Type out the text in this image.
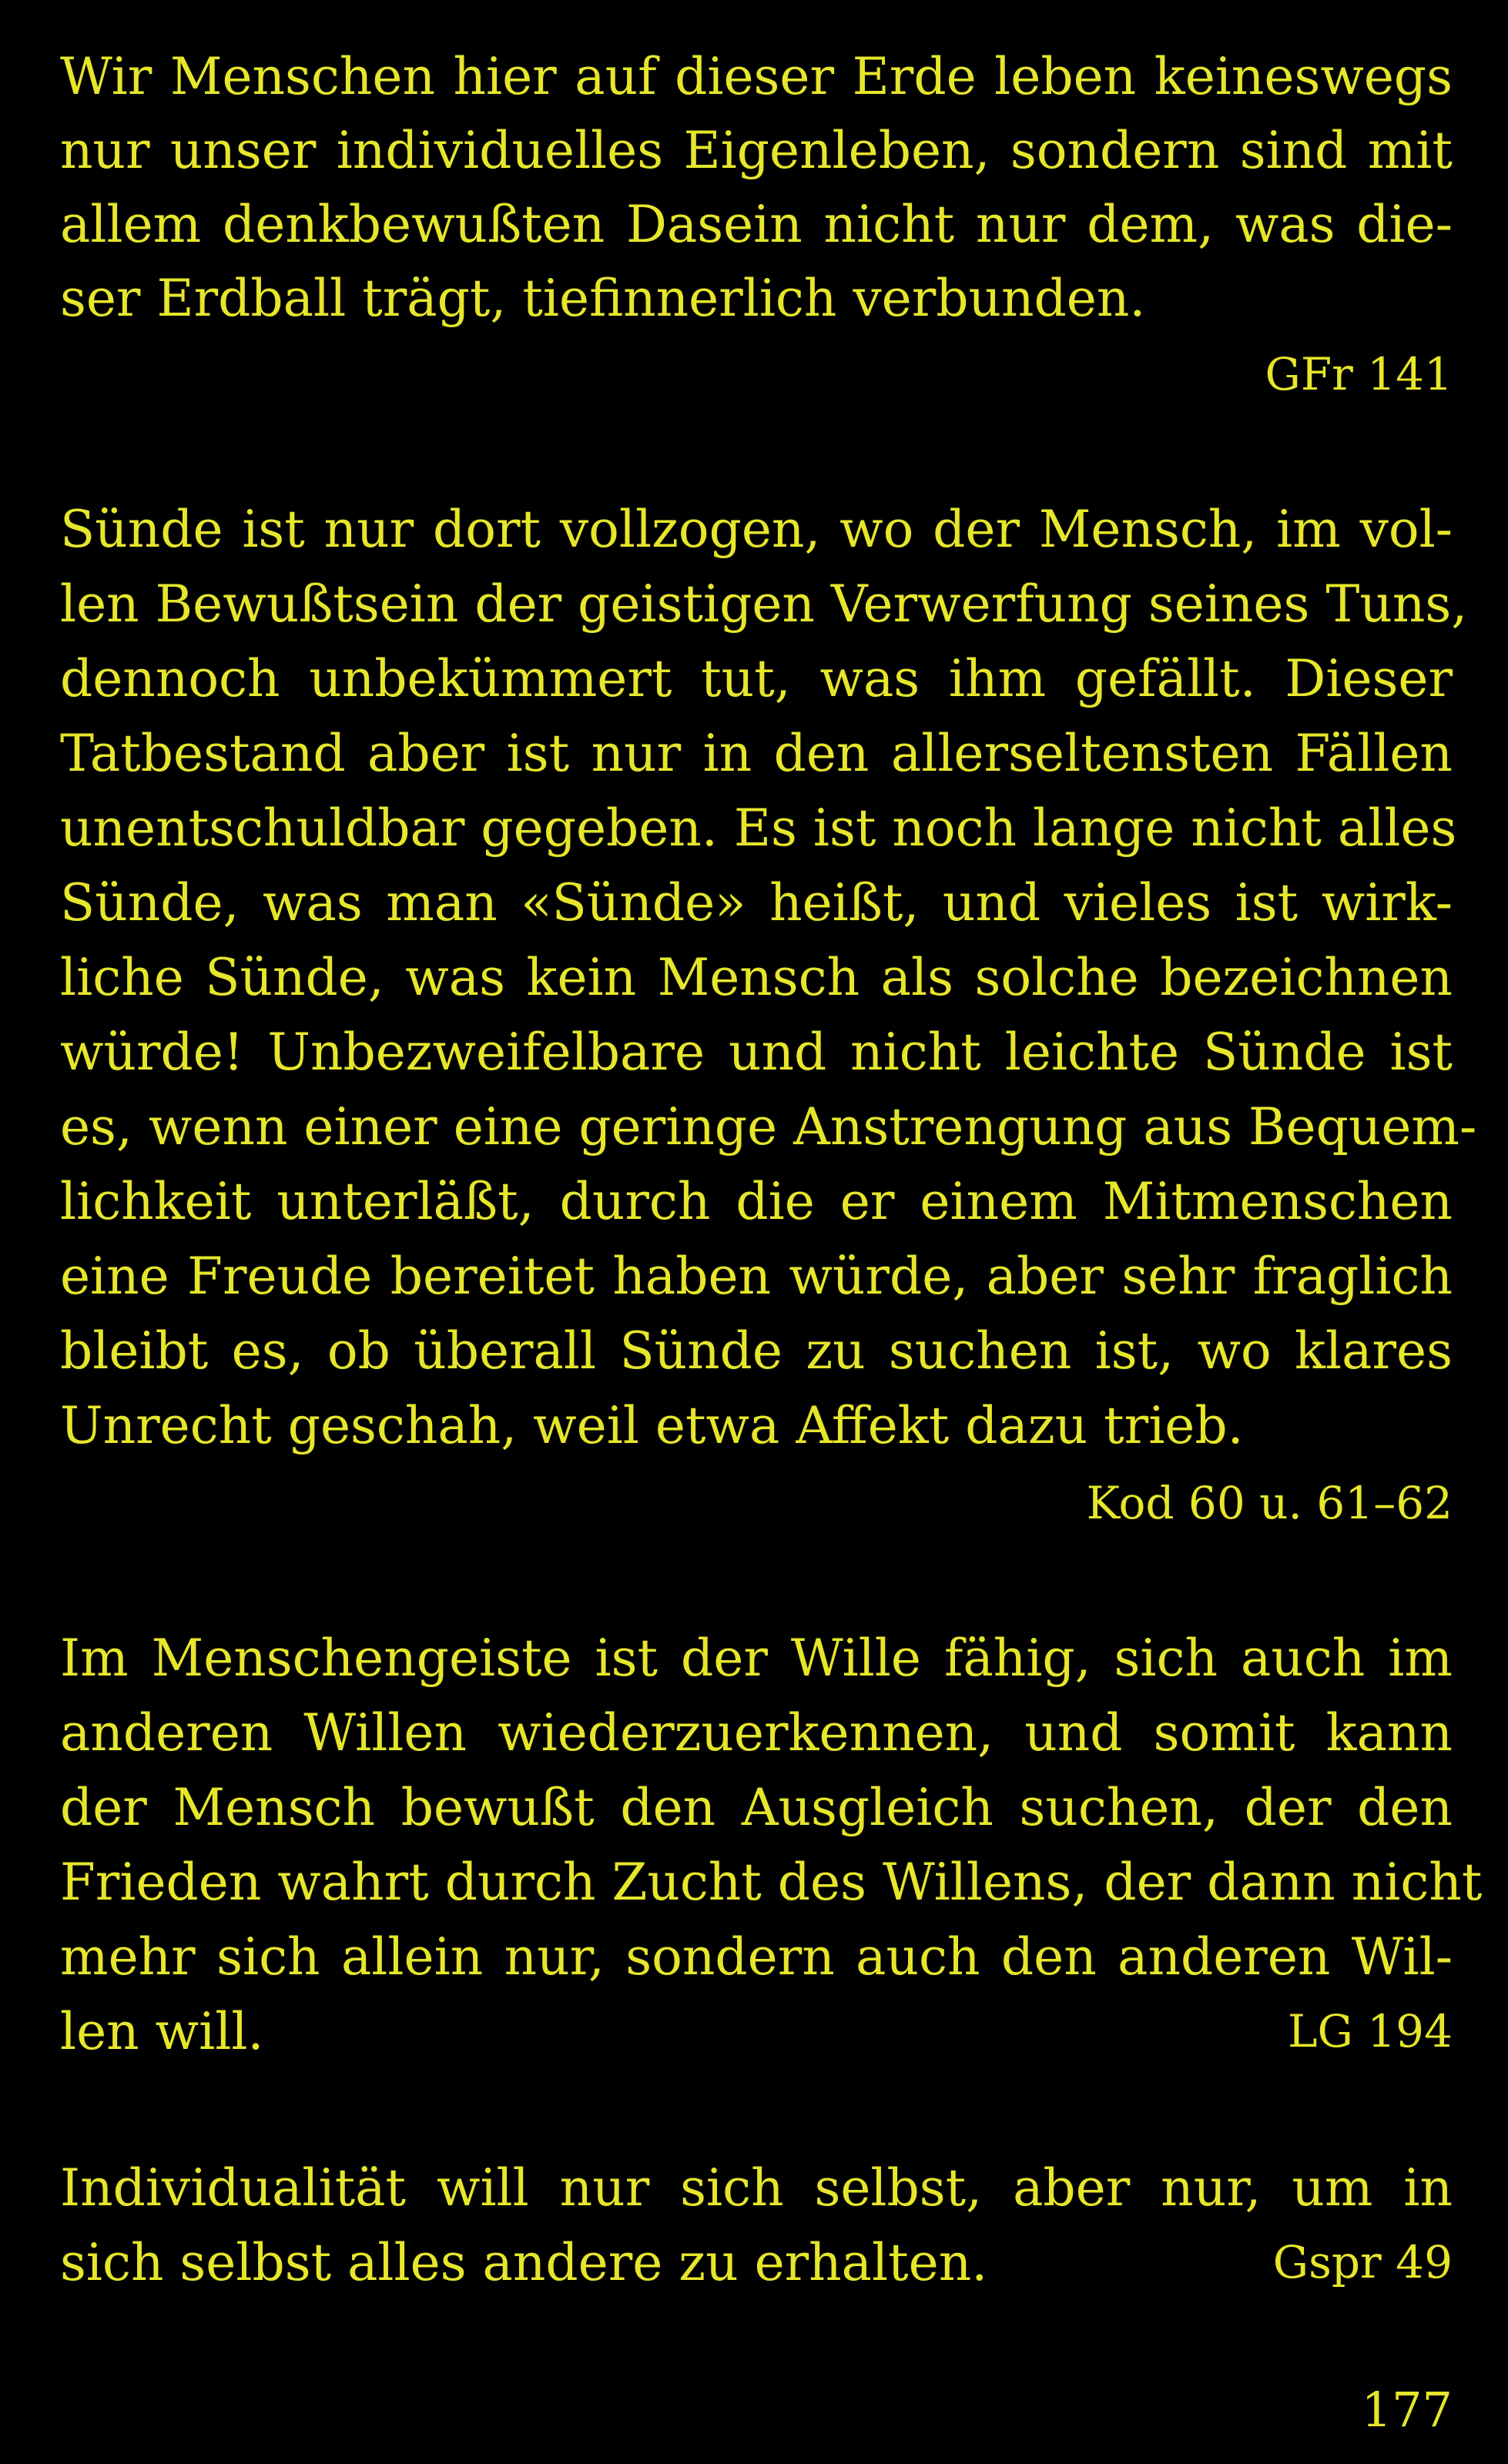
Wir Menschen hier auf dieser Erde leben keineswegs
nur unser individuelles Eigenleben, sondern sind mit
allem denkbewußten Dasein nicht nur dem, was die-
ser Erdball trägt, tiefinnerlich verbunden.
GFr 141
Sünde ist nur dort vollzogen, wo der Mensch, im vol-
len Bewußtsein der geistigen Verwerfung seines Tuns,
dennoch unbekümmert tut, was ihm gefällt. Dieser
Tatbestand aber ist nur in den allerseltensten Fällen
unentschuldbar gegeben. Es ist noch lange nicht alles
Sünde, was man «Sünde» heißt, und vieles ist wirk-
liche Sünde, was kein Mensch als solche bezeichnen
würde! Unbezweifelbare und nicht leichte Sünde ist
es, wenn einer eine geringe Anstrengung aus Bequem-
lichkeit unterläßt, durch die er einem Mitmenschen
eine Freude bereitet haben würde, aber sehr fraglich
bleibt es, ob überall Sünde zu suchen ist, wo klares
Unrecht geschah, weil etwa Affekt dazu trieb.
Kod 60 u. 61–62
Im Menschengeiste ist der Wille fähig, sich auch im
anderen Willen wiederzuerkennen, und somit kann
der Mensch bewußt den Ausgleich suchen, der den
Frieden wahrt durch Zucht des Willens, der dann nicht
mehr sich allein nur, sondern auch den anderen Wil-
len will.	LG 194
Individualität will nur sich selbst, aber nur, um in
sich selbst alles andere zu erhalten.	Gspr 49
177
